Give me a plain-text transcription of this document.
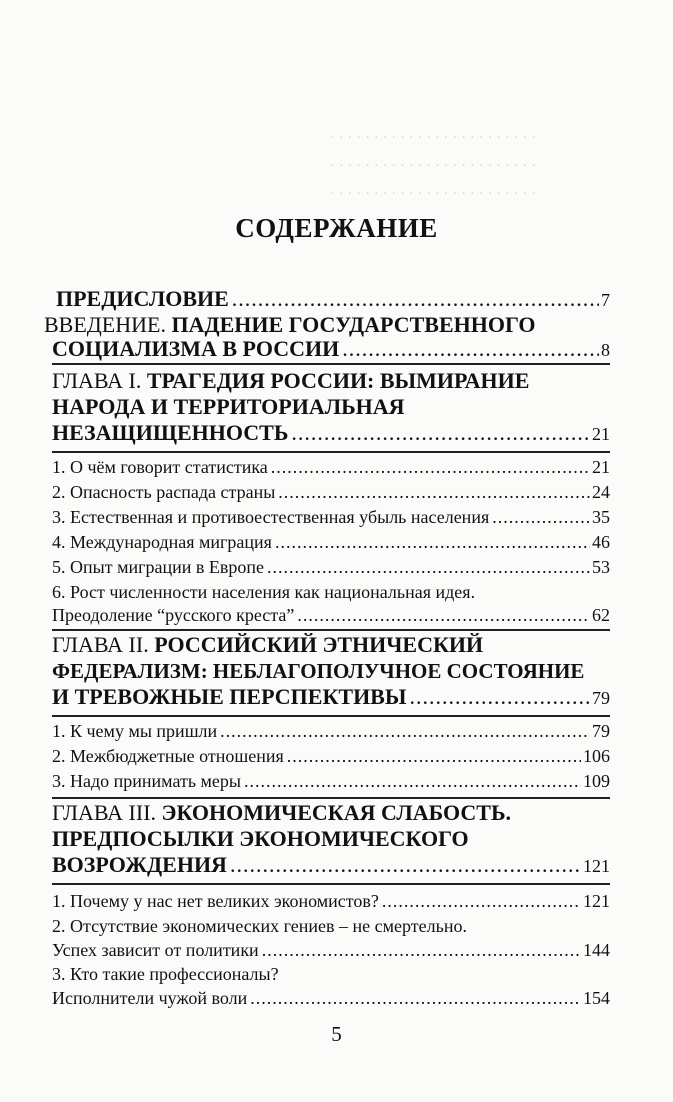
· · · · · · · · · · · · · · · · · · · · · · · ·
· · · · · · · · · · · · · · · · · · · · · · · ·
· · · · · · · · · · · · · · · · · · · · · · · ·
СОДЕРЖАНИЕ
ПРЕДИСЛОВИЕ .....	7
ВВЕДЕНИЕ. ПАДЕНИЕ ГОСУДАРСТВЕННОГО
СОЦИАЛИЗМА В РОССИИ .....	8
ГЛАВА I. ТРАГЕДИЯ РОССИИ: ВЫМИРАНИЕ
НАРОДА И ТЕРРИТОРИАЛЬНАЯ
НЕЗАЩИЩЕННОСТЬ .....	21
1. О чём говорит статистика .....	21
2. Опасность распада страны .....	24
3. Естественная и противоестественная убыль населения .....	35
4. Международная миграция .....	46
5. Опыт миграции в Европе .....	53
6. Рост численности населения как национальная идея.
Преодоление “русского креста” .....	62
ГЛАВА II. РОССИЙСКИЙ ЭТНИЧЕСКИЙ
ФЕДЕРАЛИЗМ: НЕБЛАГОПОЛУЧНОЕ СОСТОЯНИЕ
И ТРЕВОЖНЫЕ ПЕРСПЕКТИВЫ .....	79
1. К чему мы пришли .....	79
2. Межбюджетные отношения .....	106
3. Надо принимать меры .....	109
ГЛАВА III. ЭКОНОМИЧЕСКАЯ СЛАБОСТЬ.
ПРЕДПОСЫЛКИ ЭКОНОМИЧЕСКОГО
ВОЗРОЖДЕНИЯ .....	121
1. Почему у нас нет великих экономистов? .....	121
2. Отсутствие экономических гениев – не смертельно.
Успех зависит от политики .....	144
3. Кто такие профессионалы?
Исполнители чужой воли .....	154
5
